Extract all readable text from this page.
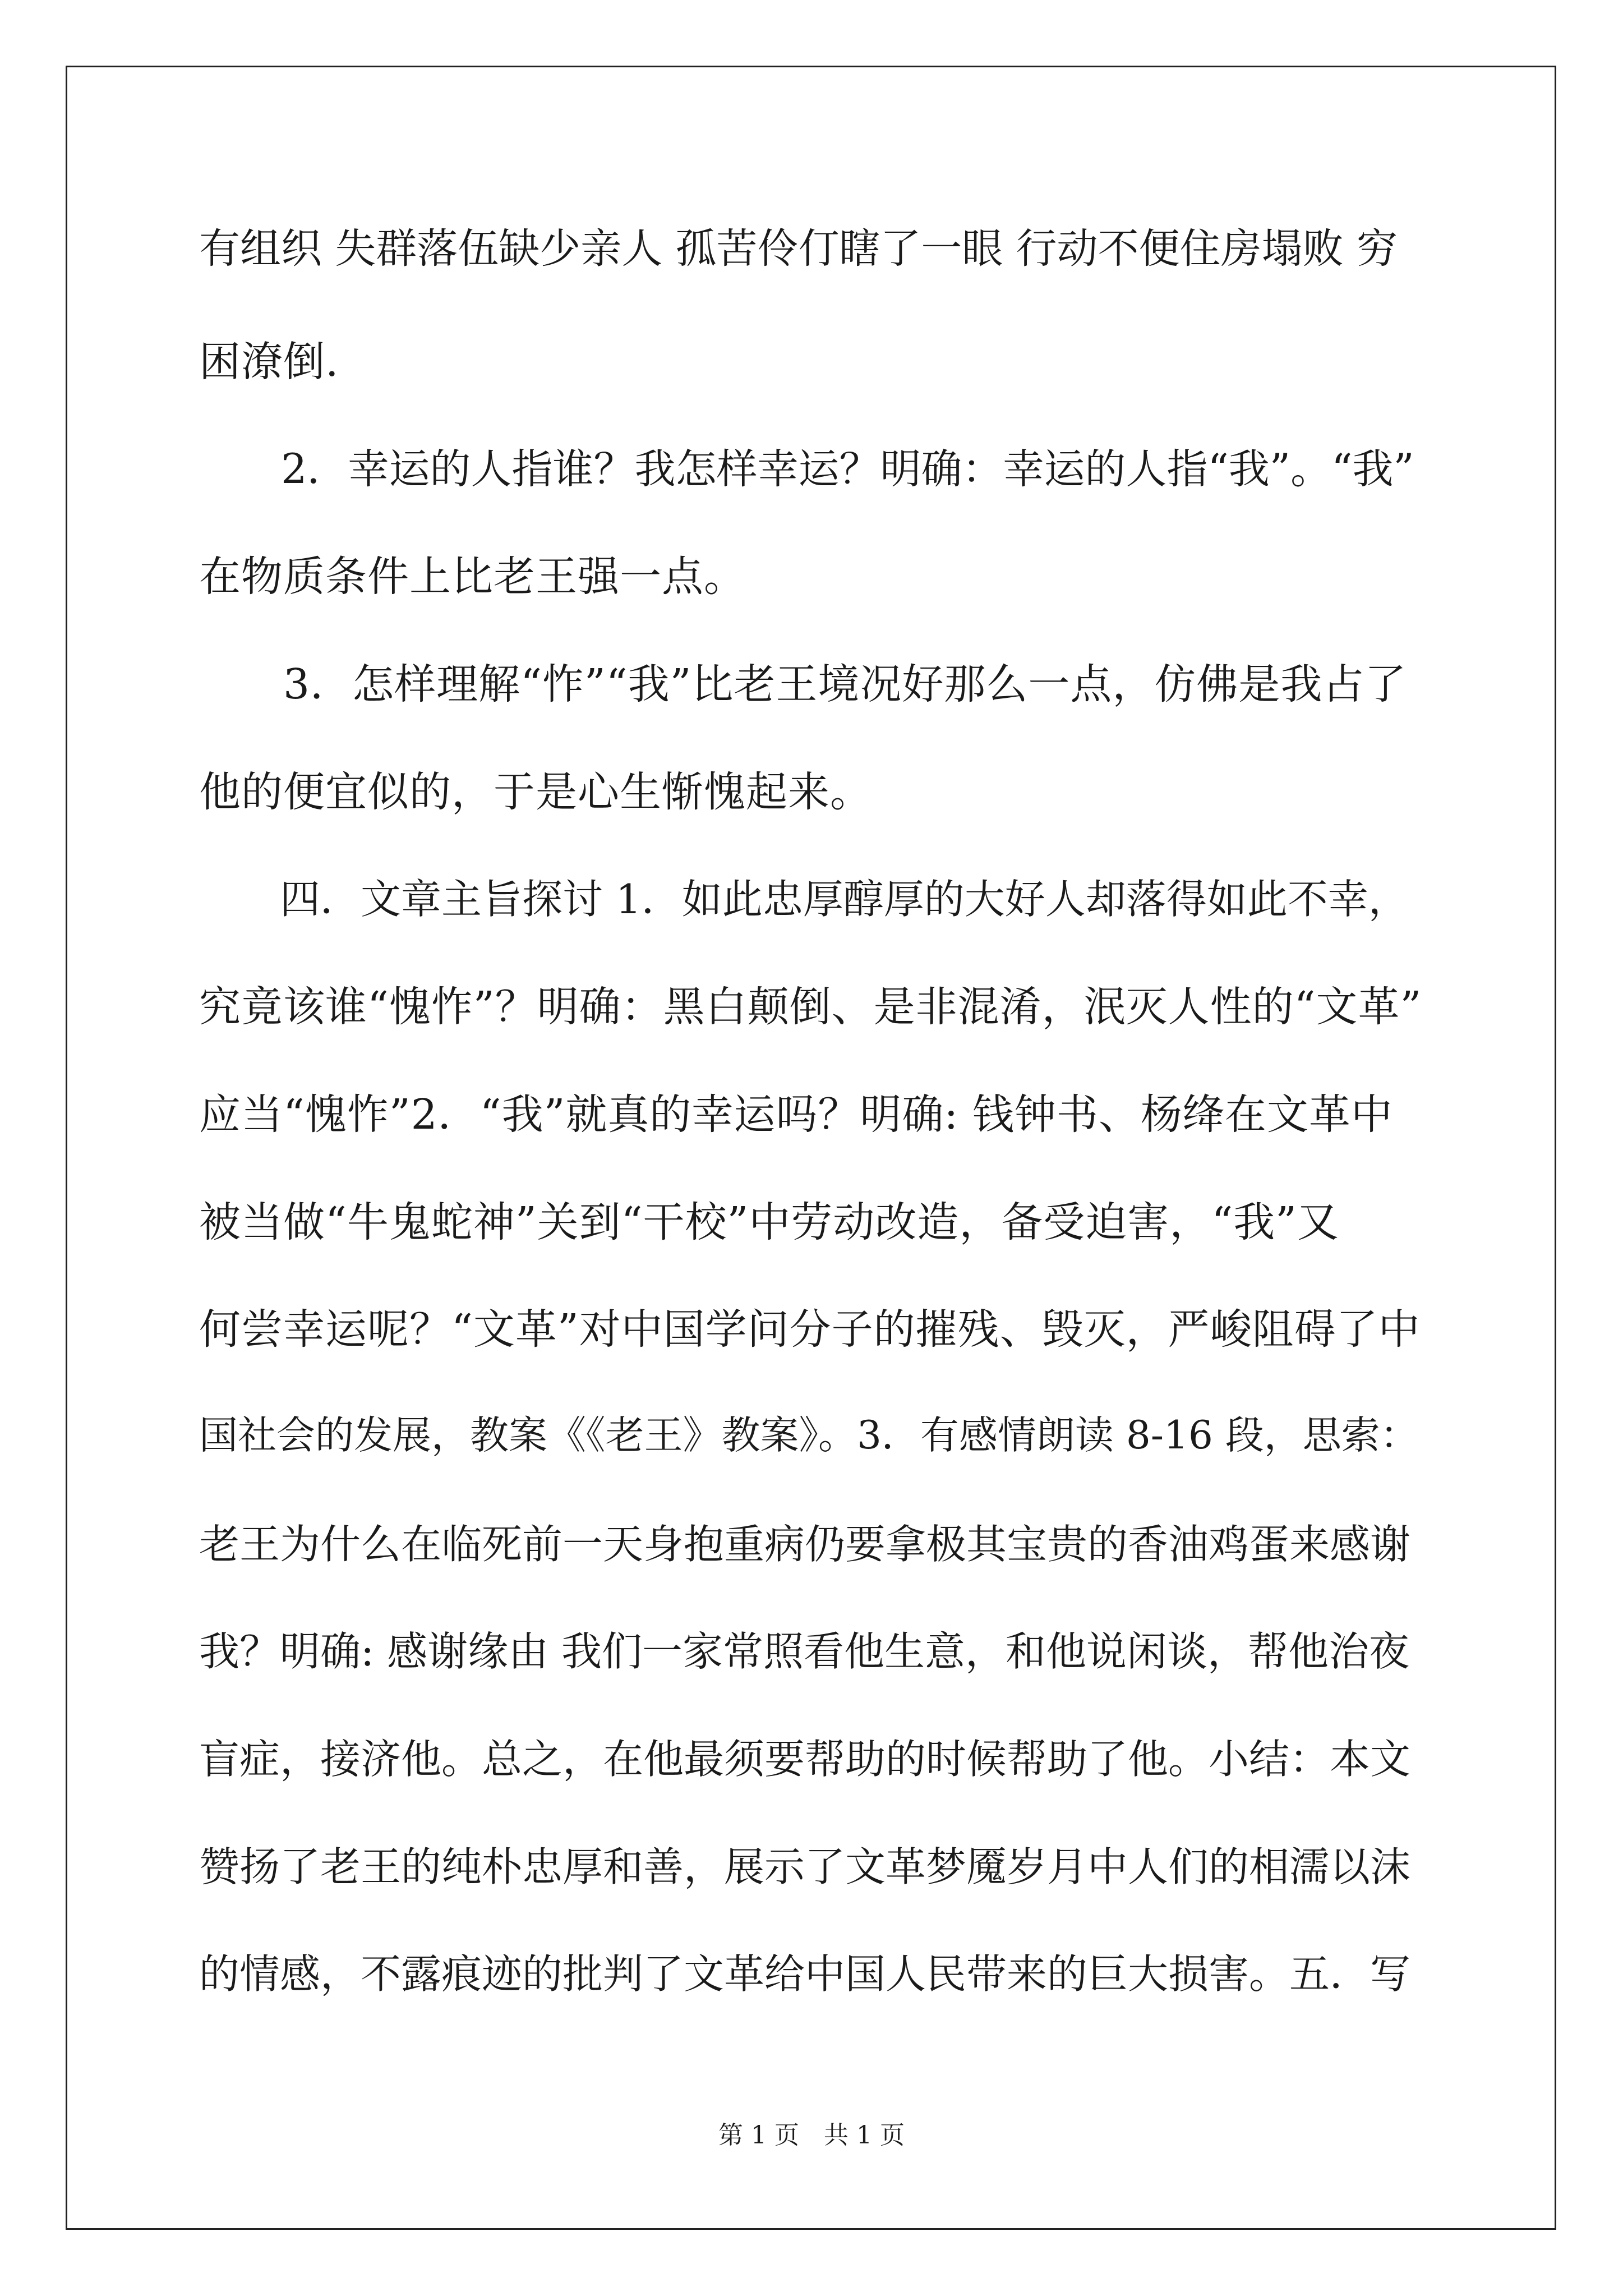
有组织 失群落伍缺少亲人 孤苦伶仃瞎了一眼 行动不便住房塌败 穷
困潦倒.
　　2．幸运的人指谁？我怎样幸运？明确：幸运的人指“我”。“我”
在物质条件上比老王强一点。
　　3．怎样理解“怍”“我”比老王境况好那么一点，仿佛是我占了
他的便宜似的，于是心生惭愧起来。
　　四．文章主旨探讨 1．如此忠厚醇厚的大好人却落得如此不幸，
究竟该谁“愧怍”？明确：黑白颠倒、是非混淆，泯灭人性的“文革”
应当“愧怍”2．“我”就真的幸运吗？明确: 钱钟书、杨绛在文革中
被当做“牛鬼蛇神”关到“干校”中劳动改造，备受迫害，“我”又
何尝幸运呢？“文革”对中国学问分子的摧残、毁灭，严峻阻碍了中
国社会的发展，教案《《老王》教案》。3．有感情朗读 8-16 段，思索：
老王为什么在临死前一天身抱重病仍要拿极其宝贵的香油鸡蛋来感谢
我？明确: 感谢缘由 我们一家常照看他生意，和他说闲谈，帮他治夜
盲症，接济他。总之，在他最须要帮助的时候帮助了他。小结：本文
赞扬了老王的纯朴忠厚和善，展示了文革梦魇岁月中人们的相濡以沫
的情感，不露痕迹的批判了文革给中国人民带来的巨大损害。五．写
第 1 页　共 1 页
